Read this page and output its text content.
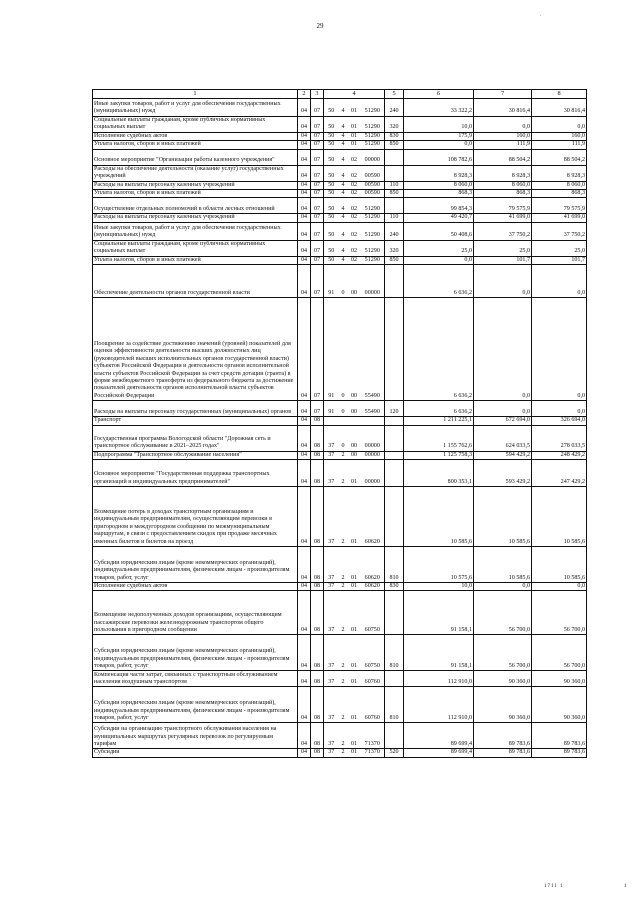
·
29
1	2	3	4				5	6	7	8
Иные закупки товаров, работ и услуг для обеспечения государственных (муниципальных) нужд	04	07	50	4	01	51290	240	33 322,2	30 816,4	30 816,4
Социальные выплаты гражданам, кроме публичных нормативных социальных выплат	04	07	50	4	01	51290	320	10,0	0,0	0,0
Исполнение судебных актов	04	07	50	4	01	51290	830	175,9	160,0	160,0
Уплата налогов, сборов и иных платежей	04	07	50	4	01	51290	850	0,0	111,9	111,9
Основное мероприятие "Организация работы казенного учреждения"	04	07	50	4	02	00000		108 782,6	88 504,2	88 504,2
Расходы на обеспечение деятельности (оказание услуг) государственных учреждений	04	07	50	4	02	00590		8 928,3	8 928,3	8 928,3
Расходы на выплаты персоналу казенных учреждений	04	07	50	4	02	00590	110	8 060,0	8 060,0	8 060,0
Уплата налогов, сборов и иных платежей	04	07	50	4	02	00590	850	868,3	868,3	868,3
Осуществление отдельных полномочий в области лесных отношений	04	07	50	4	02	51290		99 854,3	79 575,9	79 575,9
Расходы на выплаты персоналу казенных учреждений	04	07	50	4	02	51290	110	49 420,7	41 699,0	41 699,0
Иные закупки товаров, работ и услуг для обеспечения государственных (муниципальных) нужд	04	07	50	4	02	51290	240	50 408,6	37 750,2	37 750,2
Социальные выплаты гражданам, кроме публичных нормативных социальных выплат	04	07	50	4	02	51290	320	25,0	25,0	25,0
Уплата налогов, сборов и иных платежей	04	07	50	4	02	51290	850	0,0	101,7	101,7
Обеспечение деятельности органов государственной власти	04	07	91	0	00	00000		6 636,2	0,0	0,0
Поощрение за содействие достижению значений (уровней) показателей для оценки эффективности деятельности высших должностных лиц (руководителей высших исполнительных органов государственной власти) субъектов Российской Федерации и деятельности органов исполнительной власти субъектов Российской Федерации за счет средств дотации (гранта) в форме межбюджетного трансферта из федерального бюджета за достижение показателей деятельности органов исполнительной власти субъектов Российской Федерации	04	07	91	0	00	55490		6 636,2	0,0	0,0
Расходы на выплаты персоналу государственных (муниципальных) органов	04	07	91	0	00	55490	120	6 636,2	0,0	0,0
Транспорт	04	08						1 211 225,1	672 694,0	326 694,0
Государственная программа Вологодской области "Дорожная сеть и транспортное обслуживание в 2021–2025 годах"	04	08	37	0	00	00000		1 155 762,6	624 033,5	278 033,5
Подпрограмма "Транспортное обслуживание населения"	04	08	37	2	00	00000		1 125 758,3	594 429,2	248 429,2
Основное мероприятие "Государственная поддержка транспортных организаций и индивидуальных предпринимателей"	04	08	37	2	01	00000		800 353,1	593 429,2	247 429,2
Возмещение потерь в доходах транспортным организациям и индивидуальным предпринимателям, осуществляющим перевозки в пригородном и междугородном сообщении по межмуниципальным маршрутам, в связи с предоставлением скидок при продаже месячных именных билетов и билетов на проезд	04	08	37	2	01	60620		10 585,6	10 585,6	10 585,6
Субсидии юридическим лицам (кроме некоммерческих организаций), индивидуальным предпринимателям, физическим лицам - производителям товаров, работ, услуг	04	08	37	2	01	60620	810	10 575,6	10 585,6	10 585,6
Исполнение судебных актов	04	08	37	2	01	60620	830	10,0	0,0	0,0
Возмещение недополученных доходов организациям, осуществляющим пассажирские перевозки железнодорожным транспортом общего пользования в пригородном сообщении	04	08	37	2	01	60750		91 158,1	56 700,0	56 700,0
Субсидии юридическим лицам (кроме некоммерческих организаций), индивидуальным предпринимателям, физическим лицам - производителям товаров, работ, услуг	04	08	37	2	01	60750	810	91 158,1	56 700,0	56 700,0
Компенсация части затрат, связанных с транспортным обслуживанием населения воздушным транспортом	04	08	37	2	01	60760		112 910,0	90 360,0	90 360,0
Субсидии юридическим лицам (кроме некоммерческих организаций), индивидуальным предпринимателям, физическим лицам - производителям товаров, работ, услуг	04	08	37	2	01	60760	810	112 910,0	90 360,0	90 360,0
Субсидии на организацию транспортного обслуживания населения на муниципальных маршрутах регулярных перевозок по регулируемым тарифам	04	08	37	2	01	71370		89 699,4	89 783,6	89 783,6
Субсидии	04	08	37	2	01	71370	520	89 699,4	89 783,6	89 783,6
1711 1	1
